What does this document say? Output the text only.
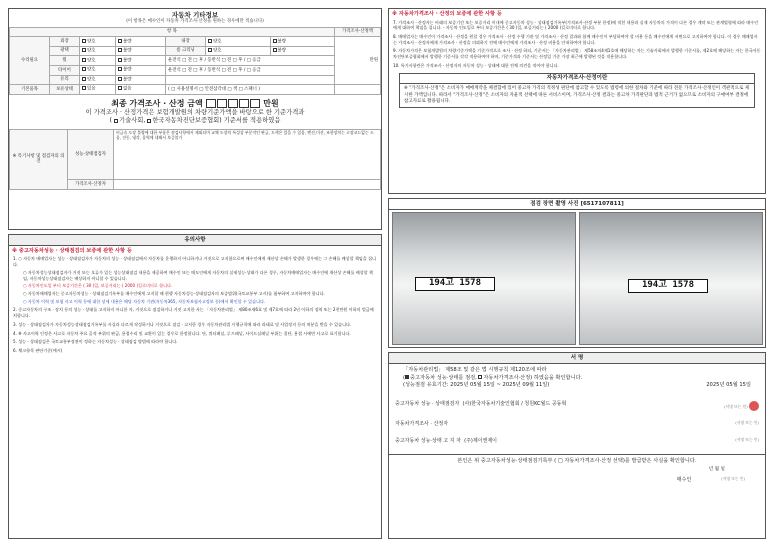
자동차 기타정보
(이 항목은 매수인이 자동차 가격조사·산정을 원하는 경우에만 적습니다)
항 목							가격조사·산정액
수리필요	외장	양호	불량	내장	양호	불량	만원
	광택	양호	불량	룸 크리닝	양호	불량	
	휠	양호	불량	운전석 □ 전 □ 후 / 동반석 □ 전 □ 후 / □ 응급			
	타이어	양호	불량	운전석 □ 전 □ 후 / 동반석 □ 전 □ 후 / □ 응급			
	유리	양호	불량				
기본품목	보유상태	있음	없음	( □ 사용설명서 □ 안전삼각대 □ 잭 □ 스패너 )			
최종 가격조사 · 산정 금액	만원
이 가격조사 · 산정가격은 보험개발원의 차량기준가액을 바탕으로 한 기준가격과
( 기술사회, 한국자동차진단보증협회) 기준서를 적용하였음
※ 특기사항 및 점검자의 의견	성능·상태점검자	비금속 도장 불량에 대한 부품은 점검사항에서 제외되며 교체 도장의 특성상 부분적인 판금, 도색은 있을 수 있음, 엔진,미션, 조향장치는 고장코드없는 소음, 진동, 냉각, 음역에 대해서 보증불가
	가격조사·산정자	
유의사항
※ 중고자동차성능 · 상태점검의 보증에 관한 사항 등
1. ○ 자동차 매매업자는 성능 · 상태점검자가 자동차의 성능 · 상태점검에서 자동차를 운행하지 아니하거나 거짓으로 고지함으로써 매수인에게 재산상 손해가 발생한 경우에는 그 손해를 배상할 책임을 집니다.
○ 자동차성능상태점검자가 거짓 또는 오류가 있는 성능상태점검 내용을 제공하여 매수인 또는 매도인에게 자동차의 실제성능·상태가 다른 경우, 자동차매매업자는 매수인에 재산상 손해를 배상할 책임, 자동차성능상태점검자는 배상하지 아니할 수 있습니다.
○ 자동차인도일 부터 보증기간은 ( 30 )일, 보증거리는 ( 2000 )킬로미터로 합니다.
○ 자동차매매업자는 중고자동차성능 · 상태점검기록부를 매수인에게 고지할 때 현행 자동차성능·상태점검자의 보증범위(국토교통부 고시)를 첨부하여 고지하여야 합니다.
○ 자동차 이력 및 보험 사고 이력 등에 대한 상세 내용은 해당 자동차 기관(자동차365, 자동차보험사고정보 등)에서 확인할 수 있습니다.
2. 중고자동차의 구조 · 장치 등의 성능 · 상태를 고지하지 아니한 자, 거짓으로 점검하거나 거짓 고지한 자는 「자동차관리법」 제80조제6호 및 제7호에 따라 2년 이하의 징역 또는 2천만원 이하의 벌금에 처합니다.
3. 성능 · 상태점검자가 자동차성능상태점검기록부를 사실과 다르게 작성하거나 거짓으로 점검 · 고지한 경우 자동차관리법 시행규칙에 따라 과태료 및 사업정지 등의 처분을 받을 수 있습니다.
4. ※ 사고이력 인정은 사고로 자동차 주요 골격 부위의 판금, 용접수리 및 교환이 있는 경우로 한정합니다. 단, 쿼터패널, 루프패널, 사이드실패널 부위는 절단, 용접 시에만 사고로 표기합니다.
5. 성능 · 상태점검은 국토교통부장관이 정하는 자동차성능 · 상태점검 방법에 따라야 합니다.
6. 체크항목 판단기준(예시)
※ 자동차가격조사 · 산정의 보증에 관한 사항 등
7. 가격조사 · 산정자는 아래의 보증기간 또는 보증거리 이내에 중고자동차 성능 · 상태점검기록부(가격조사·산정 부분 한정)에 적힌 내용과 실제 자동차의 가격이 다른 경우 계약 또는 관계법령에 따라 매수인에게 대하여 책임을 집니다. - 자동차 인도일로 부터 보증기간은 ( 30 )일, 보증거리는 ( 2000 )킬로미터로 합니다.
8. 매매업자는 매수인이 가격조사 · 산정을 원할 경우 가격조사 · 산정 수행 기관 및 가격조사 · 산정 결과와 함께 매수인이 부담하여야 할 비용 등을 매수인에게 서면으로 고지하여야 합니다. 이 경우 매매업자는 가격조사 · 산정자에게 가격조사 · 산정을 의뢰하기 전에 매수인에게 가격조사 · 산정 비용을 안내하여야 합니다.
9. 자동차가격은 보험개발원의 차량기준가액을 기준가격으로 조사 · 산정 하되, 기준서는 「자동차관리법」 제58조의4제1호에 해당하는 자는 기술사회에서 발행한 기준서를, 제2호에 해당하는 자는 한국자동차진단보증협회에서 발행한 기준서를 각각 적용하여야 하며, 기준가격과 기준서는 산정일 기준 가장 최근에 발행된 것을 적용합니다.
10. 특기사항란은 가격조사 · 산정자의 자동차 성능 · 상태에 대한 전체 의견을 적어야 합니다.
자동차가격조사·산정이란
※ "가격조사·산정"은 소비자가 매매계약을 체결함에 있어 중고차 가격의 적정성 판단에 참고할 수 있도록 법령에 의한 절차와 기준에 따라 전문 가격조사·산정인이 객관적으로 제시한 가액입니다. 따라서 "가격조사·산정"은 소비자의 자율적 선택에 따른 서비스이며, 가격조사·산정 결과는 중고차 가격판단과 법적 근거가 없으므로 소비자의 구매여부 결정에 참고자료로 활용됩니다.
점검 장면 촬영 사진 [6517107811]
194고 1578	194고 1578
서 명
「자동차관리법」 제58조 및 같은 법 시행규칙 제120조에 따라
( 중고자동차 성능·상태를 점검, 자동차가격조사·산정) 하였음을 확인합니다.
(성능점검 유효기간: 2025년 05월 15일 ~ 2025년 09월 11일)	2025년 05월 15일
중고자동차 성능 · 상태점검자 (사)한국자동차기술인협회 / 청원KC월드 공동혁	(서명 또는 인)
자동차가격조사 · 산정자	(서명 또는 인)
중고자동차 성능·상태 고 지 자 (주)제이앤제이	(서명 또는 인)
본인은 위 중고자동차성능·상태점검기록부 ( □ 자동차가격조사·산정 선택)를 발급받은 사실을 확인합니다.
년 월 일
매수인	(서명 또는 인)
